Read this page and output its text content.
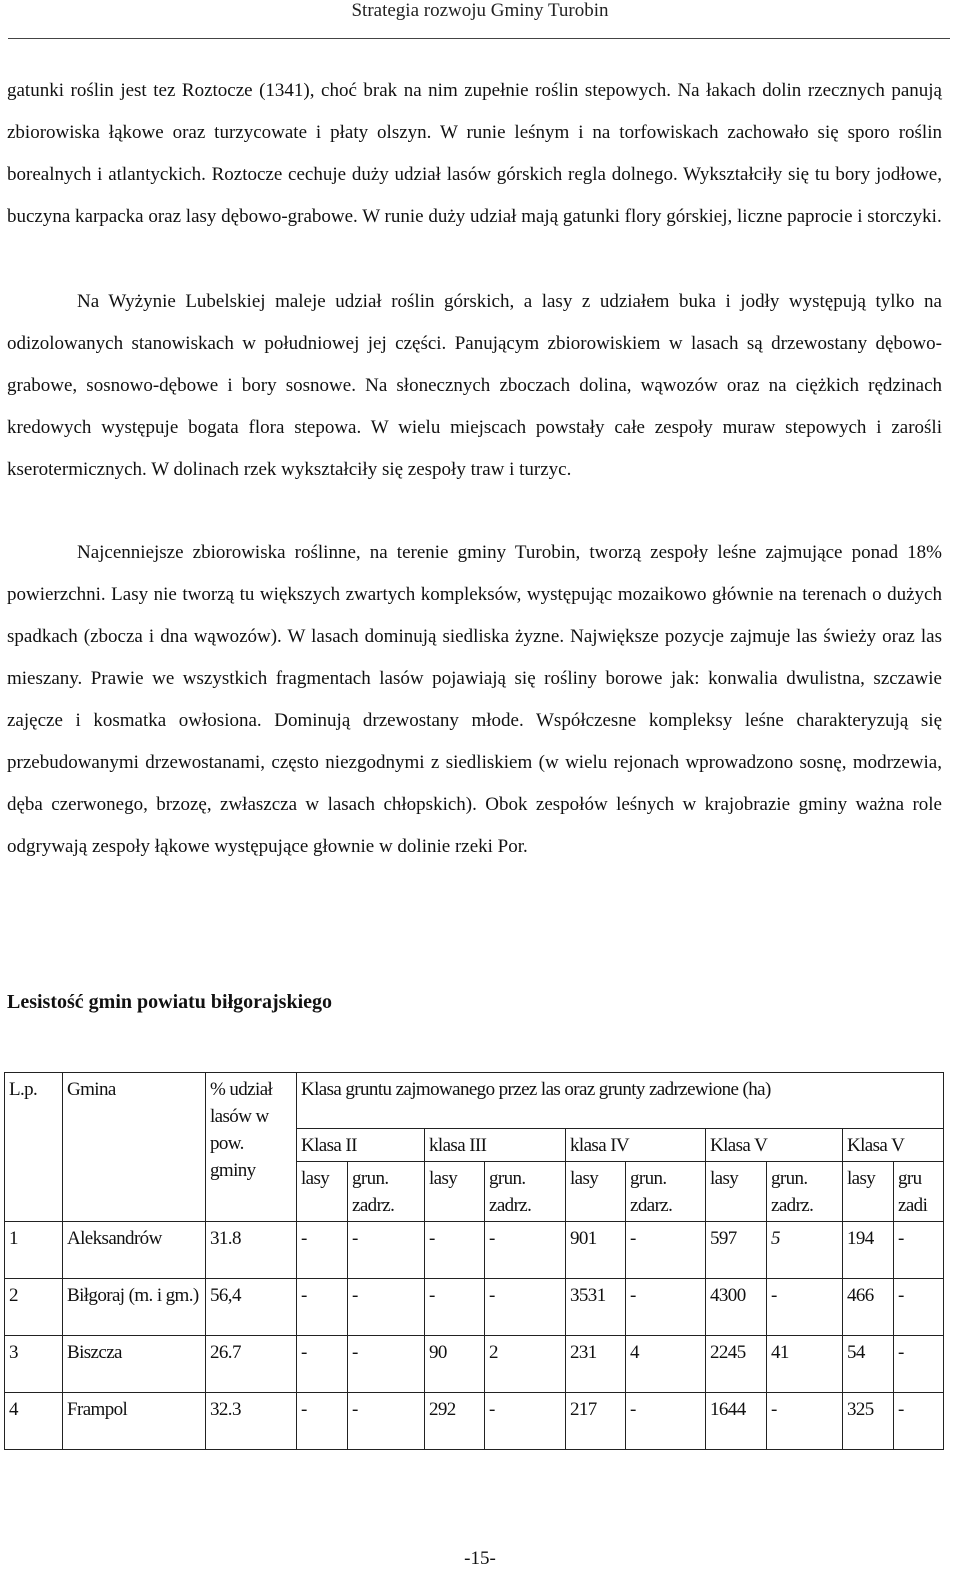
Strategia rozwoju Gminy Turobin

gatunki roślin jest tez Roztocze (1341), choć brak na nim zupełnie roślin stepowych. Na łakach dolin rzecznych panują zbiorowiska łąkowe oraz turzycowate i płaty olszyn. W runie leśnym i na torfowiskach zachowało się sporo roślin borealnych i atlantyckich. Roztocze cechuje duży udział lasów górskich regla dolnego. Wykształciły się tu bory jodłowe, buczyna karpacka oraz lasy dębowo-grabowe. W runie duży udział mają gatunki flory górskiej, liczne paprocie i storczyki.

Na Wyżynie Lubelskiej maleje udział roślin górskich, a lasy z udziałem buka i jodły występują tylko na odizolowanych stanowiskach w południowej jej części. Panującym zbiorowiskiem w lasach są drzewostany dębowo-grabowe, sosnowo-dębowe i bory sosnowe. Na słonecznych zboczach dolina, wąwozów oraz na ciężkich rędzinach kredowych występuje bogata flora stepowa. W wielu miejscach powstały całe zespoły muraw stepowych i zarośli kserotermicznych. W dolinach rzek wykształciły się zespoły traw i turzyc.

Najcenniejsze zbiorowiska roślinne, na terenie gminy Turobin, tworzą zespoły leśne zajmujące ponad 18% powierzchni. Lasy nie tworzą tu większych zwartych kompleksów, występując mozaikowo głównie na terenach o dużych spadkach (zbocza i dna wąwozów). W lasach dominują siedliska żyzne. Największe pozycje zajmuje las świeży oraz las mieszany. Prawie we wszystkich fragmentach lasów pojawiają się rośliny borowe jak: konwalia dwulistna, szczawie zajęcze i kosmatka owłosiona. Dominują drzewostany młode. Współczesne kompleksy leśne charakteryzują się przebudowanymi drzewostanami, często niezgodnymi z siedliskiem (w wielu rejonach wprowadzono sosnę, modrzewia, dęba czerwonego, brzozę, zwłaszcza w lasach chłopskich). Obok zespołów leśnych w krajobrazie gminy ważna role odgrywają zespoły łąkowe występujące głownie w dolinie rzeki Por.

Lesistość gmin powiatu biłgorajskiego
L.p.	Gmina	% udział lasów w pow. gminy	Klasa gruntu zajmowanego przez las oraz grunty zadrzewione (ha)									
			Klasa II		klasa III		klasa IV		Klasa V		Klasa V	
			lasy	grun. zadrz.	lasy	grun. zadrz.	lasy	grun. zdarz.	lasy	grun. zadrz.	lasy	gru zadi
1	Aleksandrów	31.8	-	-	-	-	901	-	597	5	194	-
2	Biłgoraj (m. i gm.)	56,4	-	-	-	-	3531	-	4300	-	466	-
3	Biszcza	26.7	-	-	90	2	231	4	2245	41	54	-
4	Frampol	32.3	-	-	292	-	217	-	1644	-	325	-
-15-
